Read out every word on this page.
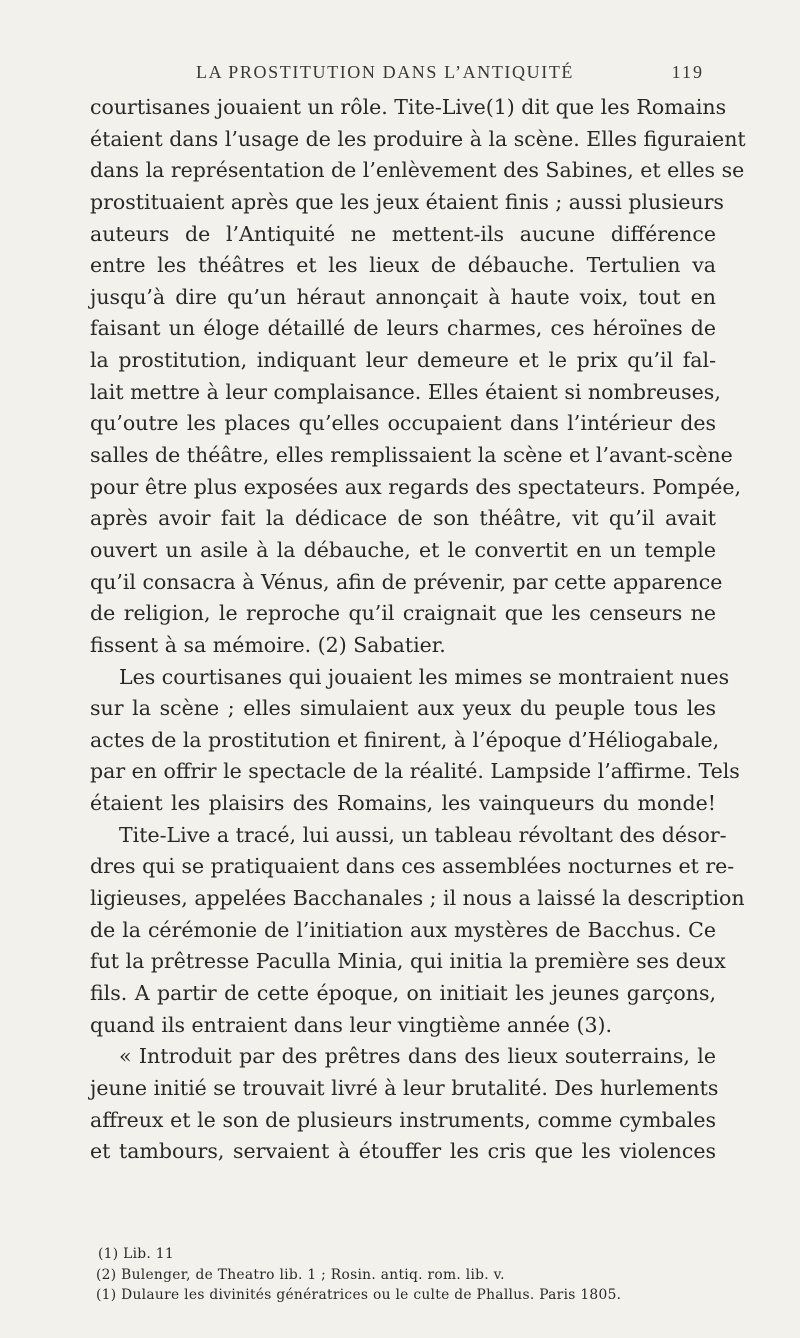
LA PROSTITUTION DANS L’ANTIQUITÉ	119
courtisanes jouaient un rôle. Tite-Live(1) dit que les Romains
étaient dans l’usage de les produire à la scène. Elles figuraient
dans la représentation de l’enlèvement des Sabines, et elles se
prostituaient après que les jeux étaient finis ; aussi plusieurs
auteurs de l’Antiquité ne mettent-ils aucune différence
entre les théâtres et les lieux de débauche. Tertulien va
jusqu’à dire qu’un héraut annonçait à haute voix, tout en
faisant un éloge détaillé de leurs charmes, ces héroïnes de
la prostitution, indiquant leur demeure et le prix qu’il fal-
lait mettre à leur complaisance. Elles étaient si nombreuses,
qu’outre les places qu’elles occupaient dans l’intérieur des
salles de théâtre, elles remplissaient la scène et l’avant-scène
pour être plus exposées aux regards des spectateurs. Pompée,
après avoir fait la dédicace de son théâtre, vit qu’il avait
ouvert un asile à la débauche, et le convertit en un temple
qu’il consacra à Vénus, afin de prévenir, par cette apparence
de religion, le reproche qu’il craignait que les censeurs ne
fissent à sa mémoire. (2) Sabatier.
Les courtisanes qui jouaient les mimes se montraient nues
sur la scène ; elles simulaient aux yeux du peuple tous les
actes de la prostitution et finirent, à l’époque d’Héliogabale,
par en offrir le spectacle de la réalité. Lampside l’affirme. Tels
étaient les plaisirs des Romains, les vainqueurs du monde!
Tite-Live a tracé, lui aussi, un tableau révoltant des désor-
dres qui se pratiquaient dans ces assemblées nocturnes et re-
ligieuses, appelées Bacchanales ; il nous a laissé la description
de la cérémonie de l’initiation aux mystères de Bacchus. Ce
fut la prêtresse Paculla Minia, qui initia la première ses deux
fils. A partir de cette époque, on initiait les jeunes garçons,
quand ils entraient dans leur vingtième année (3).
« Introduit par des prêtres dans des lieux souterrains, le
jeune initié se trouvait livré à leur brutalité. Des hurlements
affreux et le son de plusieurs instruments, comme cymbales
et tambours, servaient à étouffer les cris que les violences
(1) Lib. 11
(2) Bulenger, de Theatro lib. 1 ; Rosin. antiq. rom. lib. v.
(1) Dulaure les divinités génératrices ou le culte de Phallus. Paris 1805.
